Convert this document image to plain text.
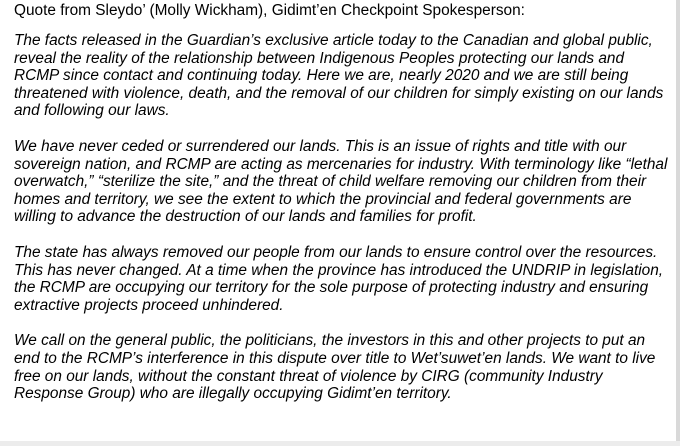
Quote from Sleydo’ (Molly Wickham), Gidimt’en Checkpoint Spokesperson:
The facts released in the Guardian’s exclusive article today to the Canadian and global public,
reveal the reality of the relationship between Indigenous Peoples protecting our lands and
RCMP since contact and continuing today. Here we are, nearly 2020 and we are still being
threatened with violence, death, and the removal of our children for simply existing on our lands
and following our laws.
We have never ceded or surrendered our lands. This is an issue of rights and title with our
sovereign nation, and RCMP are acting as mercenaries for industry. With terminology like “lethal
overwatch,” “sterilize the site,” and the threat of child welfare removing our children from their
homes and territory, we see the extent to which the provincial and federal governments are
willing to advance the destruction of our lands and families for profit.
The state has always removed our people from our lands to ensure control over the resources.
This has never changed. At a time when the province has introduced the UNDRIP in legislation,
the RCMP are occupying our territory for the sole purpose of protecting industry and ensuring
extractive projects proceed unhindered.
We call on the general public, the politicians, the investors in this and other projects to put an
end to the RCMP’s interference in this dispute over title to Wet’suwet’en lands. We want to live
free on our lands, without the constant threat of violence by CIRG (community Industry
Response Group) who are illegally occupying Gidimt’en territory.
